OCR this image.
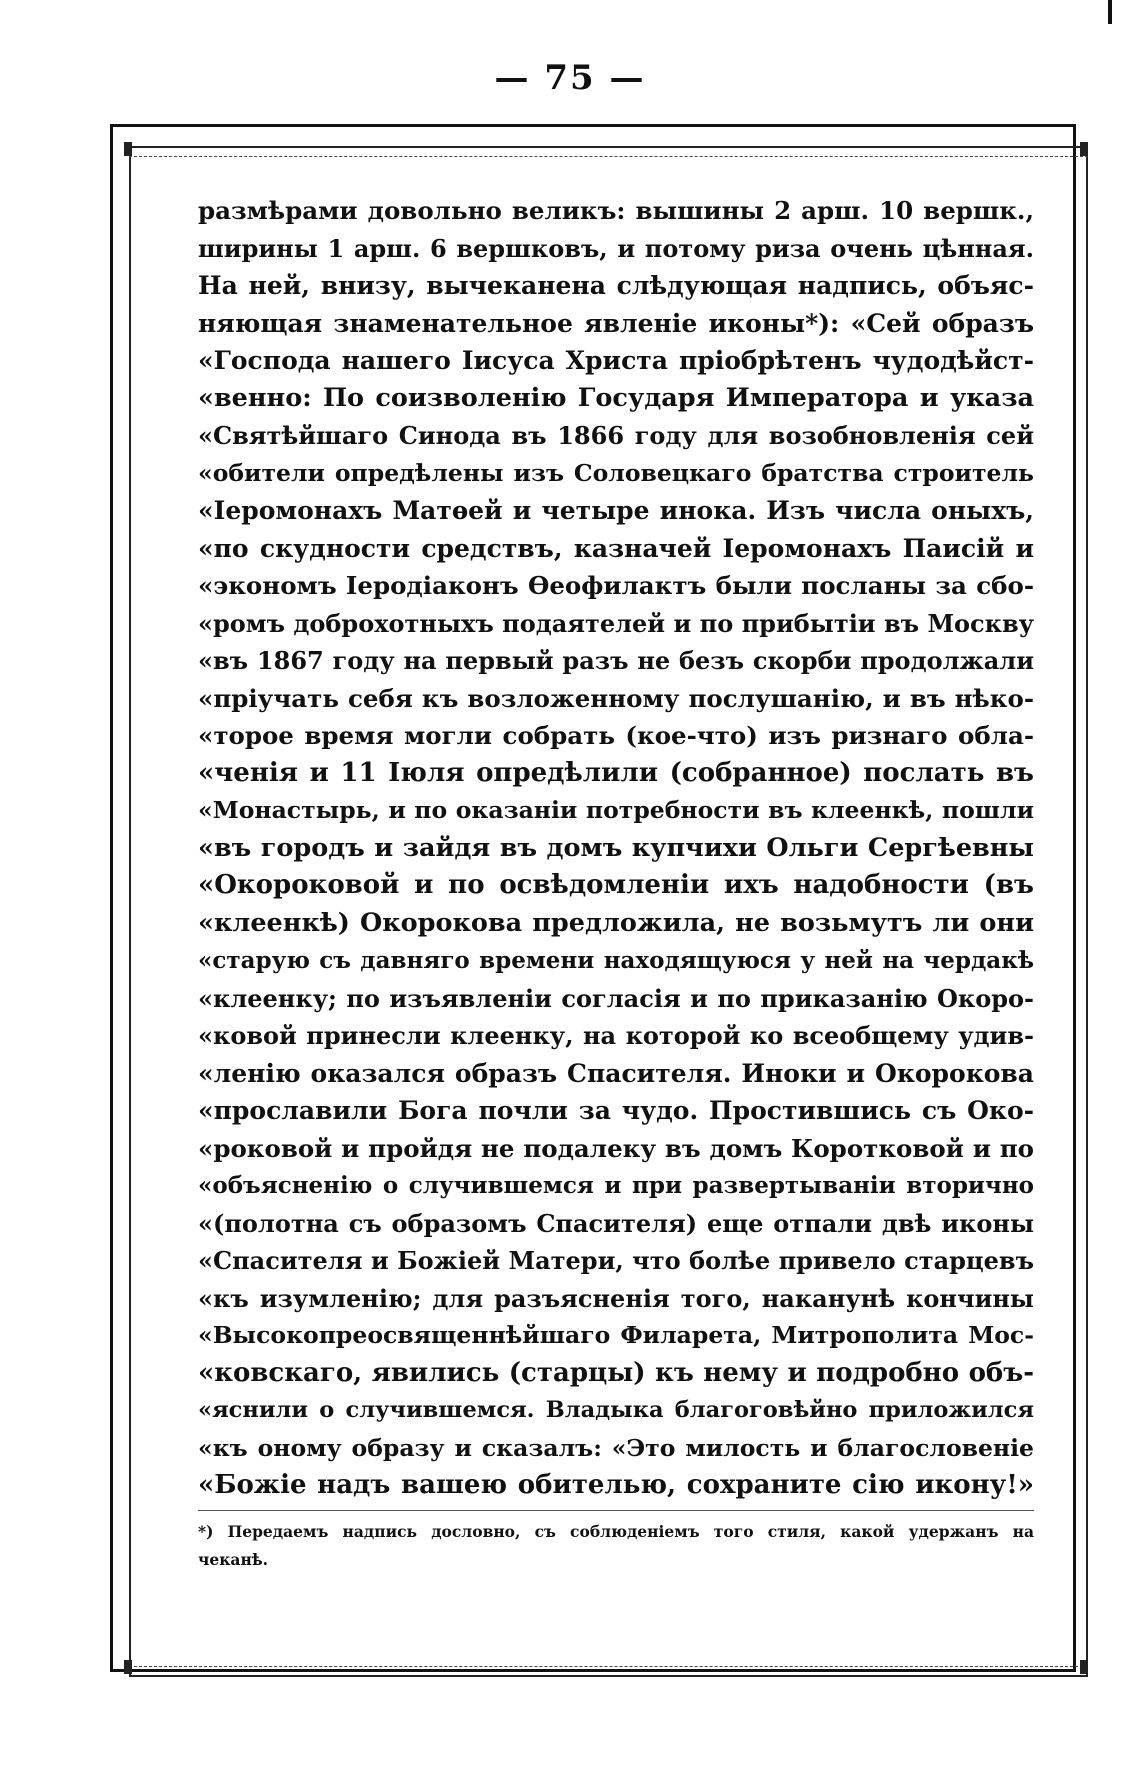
— 75 —
размѣрами довольно великъ: вышины 2 арш. 10 вершк.,
ширины 1 арш. 6 вершковъ, и потому риза очень цѣнная.
На ней, внизу, вычеканена слѣдующая надпись, объяс-
няющая знаменательное явленіе иконы*): «Сей образъ
«Господа нашего Іисуса Христа пріобрѣтенъ чудодѣйст-
«венно: По соизволенію Государя Императора и указа
«Святѣйшаго Синода въ 1866 году для возобновленія сей
«обители опредѣлены изъ Соловецкаго братства строитель
«Іеромонахъ Матѳей и четыре инока. Изъ числа оныхъ,
«по скудности средствъ, казначей Іеромонахъ Паисій и
«экономъ Іеродіаконъ Ѳеофилактъ были посланы за сбо-
«ромъ доброхотныхъ подаятелей и по прибытіи въ Москву
«въ 1867 году на первый разъ не безъ скорби продолжали
«пріучать себя къ возложенному послушанію, и въ нѣко-
«торое время могли собрать (кое-что) изъ ризнаго обла-
«ченія и 11 Іюля опредѣлили (собранное) послать въ
«Монастырь, и по оказаніи потребности въ клеенкѣ, пошли
«въ городъ и зайдя въ домъ купчихи Ольги Сергѣевны
«Окороковой и по освѣдомленіи ихъ надобности (въ
«клеенкѣ) Окорокова предложила, не возьмутъ ли они
«старую съ давняго времени находящуюся у ней на чердакѣ
«клеенку; по изъявленіи согласія и по приказанію Окоро-
«ковой принесли клеенку, на которой ко всеобщему удив-
«ленію оказался образъ Спасителя. Иноки и Окорокова
«прославили Бога почли за чудо. Простившись съ Око-
«роковой и пройдя не подалеку въ домъ Коротковой и по
«объясненію о случившемся и при развертываніи вторично
«(полотна съ образомъ Спасителя) еще отпали двѣ иконы
«Спасителя и Божіей Матери, что болѣе привело старцевъ
«къ изумленію; для разъясненія того, наканунѣ кончины
«Высокопреосвященнѣйшаго Филарета, Митрополита Мос-
«ковскаго, явились (старцы) къ нему и подробно объ-
«яснили о случившемся. Владыка благоговѣйно приложился
«къ оному образу и сказалъ: «Это милость и благословеніе
«Божіе надъ вашею обителью, сохраните сію икону!»
*) Передаемъ надпись дословно, съ соблюденіемъ того стиля, какой удержанъ на
чеканѣ.
